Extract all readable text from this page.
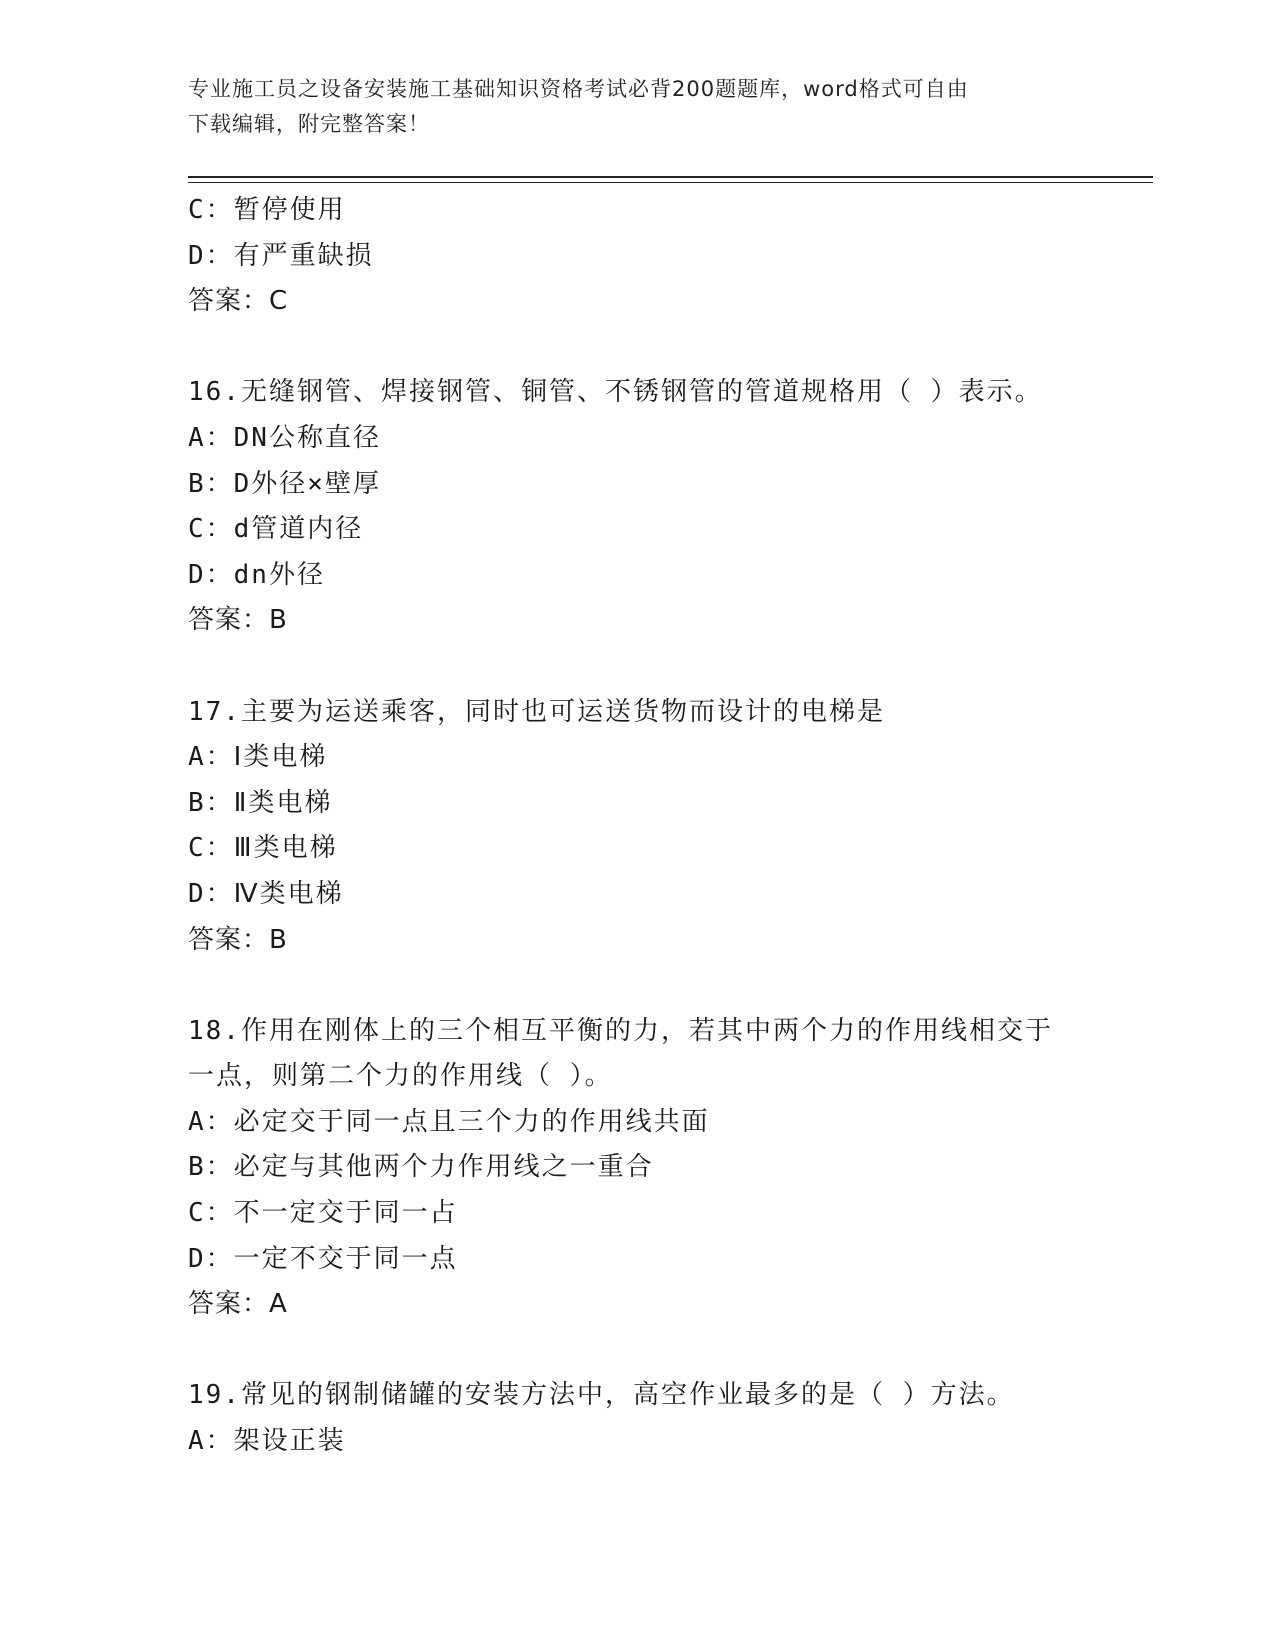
专业施工员之设备安装施工基础知识资格考试必背200题题库，word格式可自由
下载编辑，附完整答案！
C：暂停使用
D：有严重缺损
答案：C
16.无缝钢管、焊接钢管、铜管、不锈钢管的管道规格用（ ）表示。
A：DN公称直径
B：D外径×壁厚
C：d管道内径
D：dn外径
答案：B
17.主要为运送乘客，同时也可运送货物而设计的电梯是
A：Ⅰ类电梯
B：Ⅱ类电梯
C：Ⅲ类电梯
D：Ⅳ类电梯
答案：B
18.作用在刚体上的三个相互平衡的力，若其中两个力的作用线相交于
一点，则第二个力的作用线（ ）。
A：必定交于同一点且三个力的作用线共面
B：必定与其他两个力作用线之一重合
C：不一定交于同一占
D：一定不交于同一点
答案：A
19.常见的钢制储罐的安装方法中，高空作业最多的是（ ）方法。
A：架设正装
